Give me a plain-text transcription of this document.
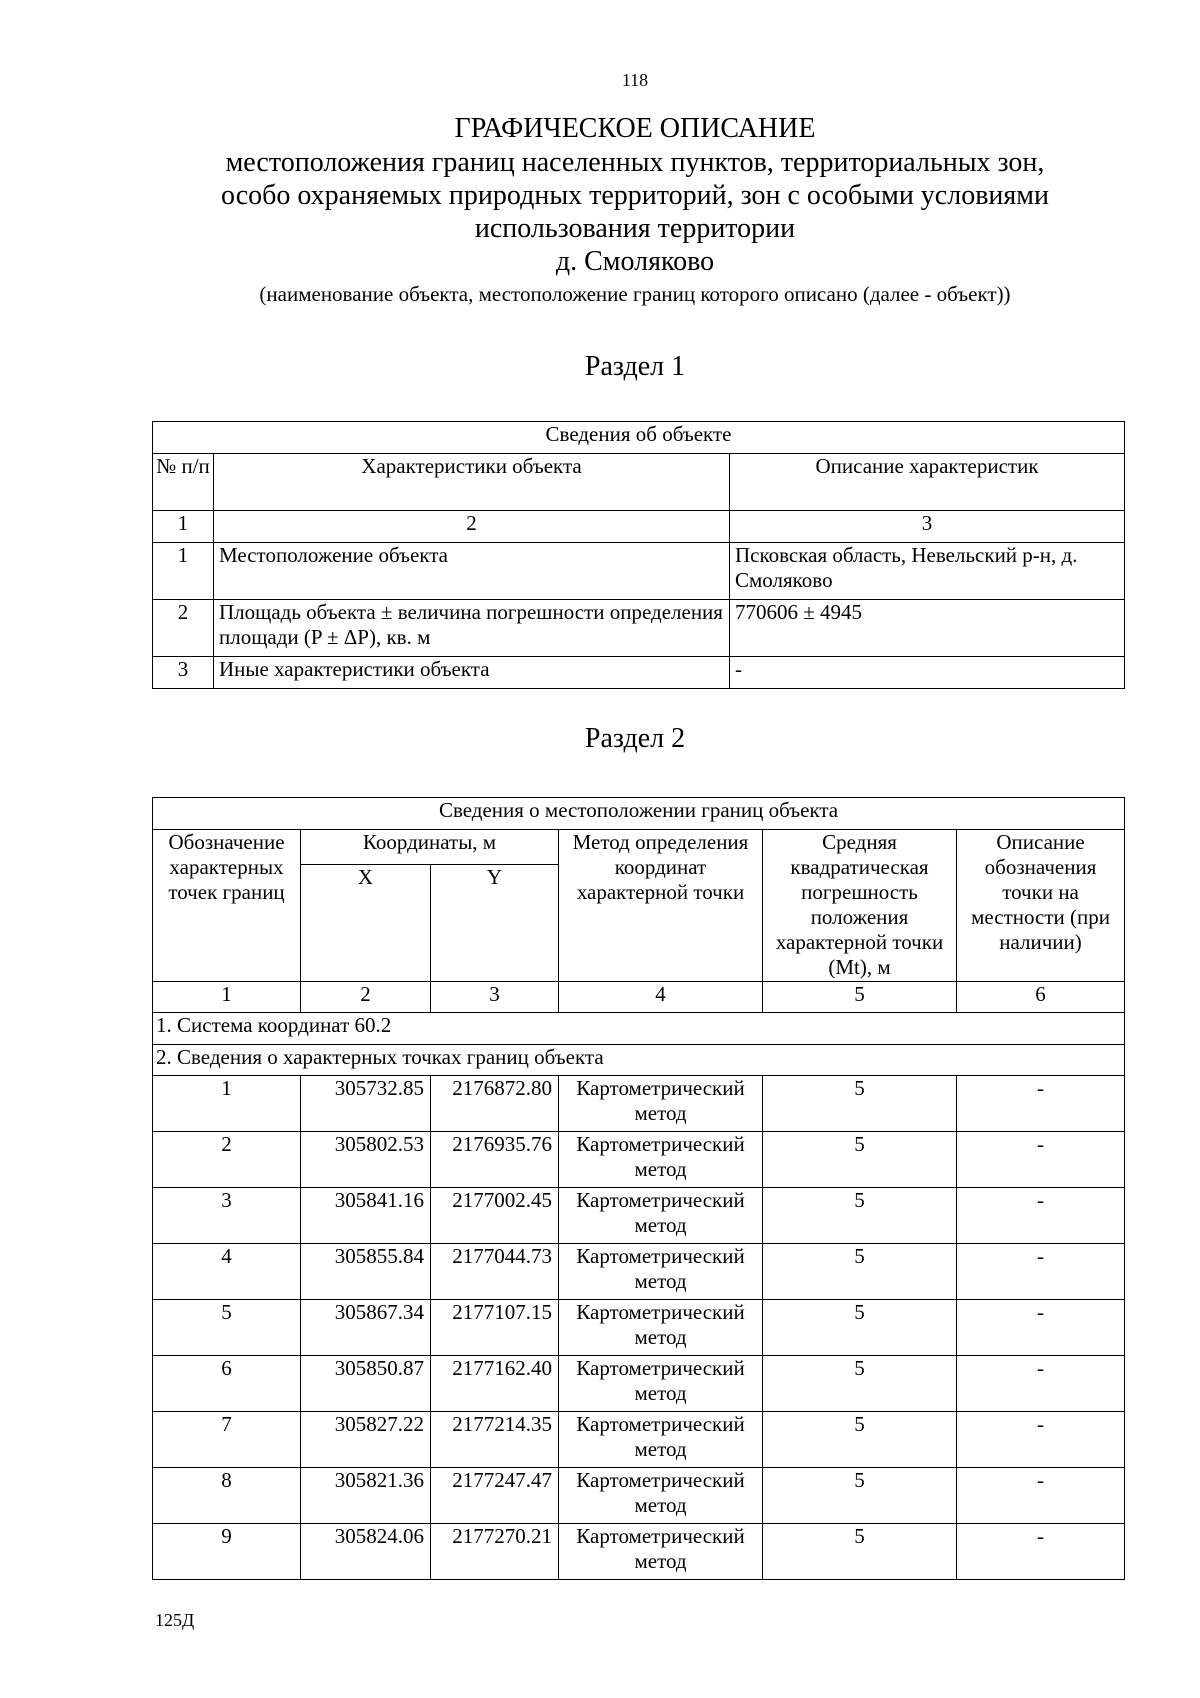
118
ГРАФИЧЕСКОЕ ОПИСАНИЕ
местоположения границ населенных пунктов, территориальных зон,
особо охраняемых природных территорий, зон с особыми условиями
использования территории
д. Смоляково
(наименование объекта, местоположение границ которого описано (далее - объект))
Раздел 1
Сведения об объекте		
№ п/п	Характеристики объекта	Описание характеристик
1	2	3
1	Местоположение объекта	Псковская область, Невельский р-н, д. Смоляково
2	Площадь объекта ± величина погрешности определения площади (P ± ΔP), кв. м	770606 ± 4945
3	Иные характеристики объекта	-
Раздел 2
Сведения о местоположении границ объекта					
Обозначение характерных точек границ	Координаты, м		Метод определения координат характерной точки	Средняя квадратическая погрешность положения характерной точки (Mt), м	Описание обозначения точки на местности (при наличии)
	X	Y			
1	2	3	4	5	6
1. Система координат 60.2					
2. Сведения о характерных точках границ объекта					
1	305732.85	2176872.80	Картометрический метод	5	-
2	305802.53	2176935.76	Картометрический метод	5	-
3	305841.16	2177002.45	Картометрический метод	5	-
4	305855.84	2177044.73	Картометрический метод	5	-
5	305867.34	2177107.15	Картометрический метод	5	-
6	305850.87	2177162.40	Картометрический метод	5	-
7	305827.22	2177214.35	Картометрический метод	5	-
8	305821.36	2177247.47	Картометрический метод	5	-
9	305824.06	2177270.21	Картометрический метод	5	-
125Д
